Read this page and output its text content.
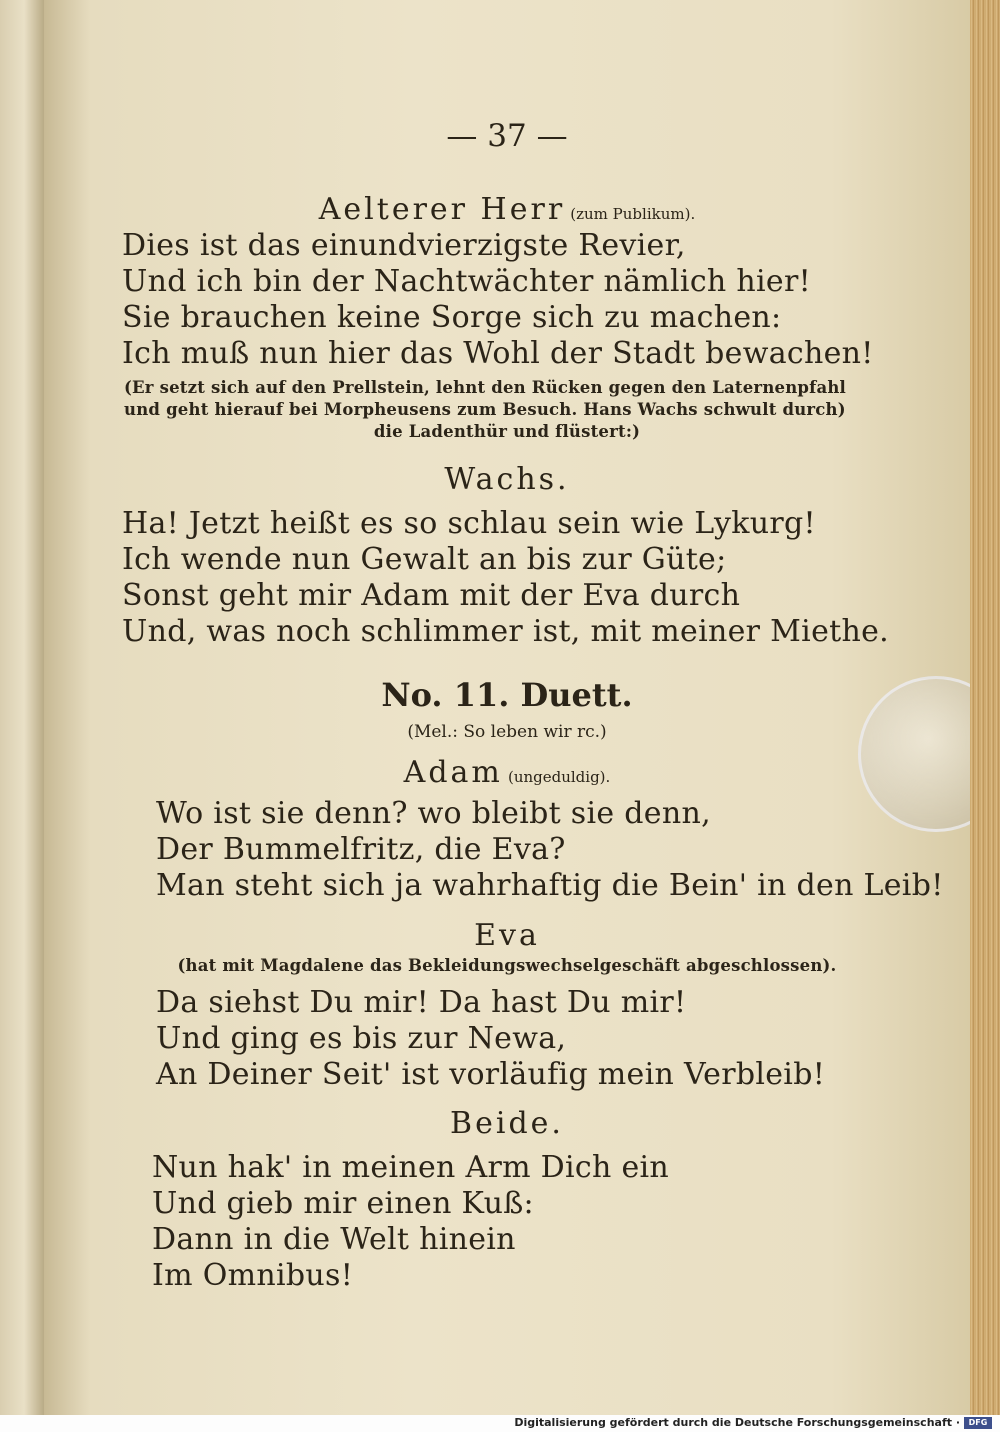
— 37 —
Aelterer Herr (zum Publikum).
Dies ist das einundvierzigste Revier,
Und ich bin der Nachtwächter nämlich hier!
Sie brauchen keine Sorge sich zu machen:
Ich muß nun hier das Wohl der Stadt bewachen!
(Er setzt sich auf den Prellstein, lehnt den Rücken gegen den Laternenpfahl
und geht hierauf bei Morpheusens zum Besuch. Hans Wachs schwult durch)
die Ladenthür und flüstert:)
Wachs.
Ha! Jetzt heißt es so schlau sein wie Lykurg!
Ich wende nun Gewalt an bis zur Güte;
Sonst geht mir Adam mit der Eva durch
Und, was noch schlimmer ist, mit meiner Miethe.
No. 11. Duett.
(Mel.: So leben wir rc.)
Adam (ungeduldig).
Wo ist sie denn? wo bleibt sie denn,
Der Bummelfritz, die Eva?
Man steht sich ja wahrhaftig die Bein' in den Leib!
Eva
(hat mit Magdalene das Bekleidungswechselgeschäft abgeschlossen).
Da siehst Du mir! Da hast Du mir!
Und ging es bis zur Newa,
An Deiner Seit' ist vorläufig mein Verbleib!
Beide.
Nun hak' in meinen Arm Dich ein
Und gieb mir einen Kuß:
Dann in die Welt hinein
Im Omnibus!
Digitalisierung gefördert durch die Deutsche Forschungsgemeinschaft ·	DFG
